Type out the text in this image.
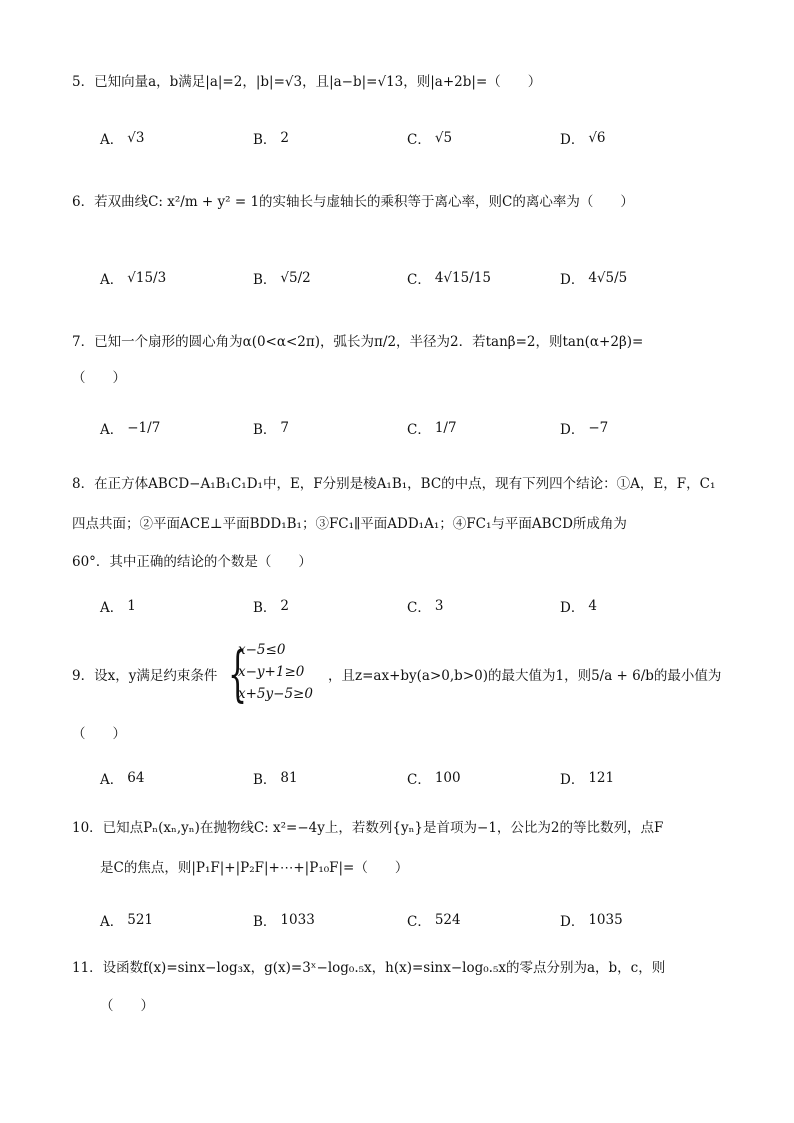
5．已知向量a，b满足|a|=2，|b|=√3，且|a−b|=√13，则|a+2b|=（　　）
A． √3	B． 2	C． √5	D． √6
6．若双曲线C: x²/m + y² = 1的实轴长与虚轴长的乘积等于离心率，则C的离心率为（　　）
A． √15/3	B． √5/2	C． 4√15/15	D． 4√5/5
7．已知一个扇形的圆心角为α(0<α<2π)，弧长为π/2，半径为2．若tanβ=2，则tan(α+2β)=
（　　）
A． −1/7	B． 7	C． 1/7	D． −7
8．在正方体ABCD−A₁B₁C₁D₁中，E，F分别是棱A₁B₁，BC的中点，现有下列四个结论：①A，E，F，C₁
四点共面；②平面ACE⊥平面BDD₁B₁；③FC₁∥平面ADD₁A₁；④FC₁与平面ABCD所成角为
60°．其中正确的结论的个数是（　　）
A． 1	B． 2	C． 3	D． 4
9．设x，y满足约束条件 {
x−5≤0
x−y+1≥0
x+5y−5≥0
，且z=ax+by(a>0,b>0)的最大值为1，则5/a + 6/b的最小值为
（　　）
A． 64	B． 81	C． 100	D． 121
10．已知点Pₙ(xₙ,yₙ)在抛物线C: x²=−4y上，若数列{yₙ}是首项为−1，公比为2的等比数列，点F
是C的焦点，则|P₁F|+|P₂F|+⋯+|P₁₀F|=（　　）
A． 521	B． 1033	C． 524	D． 1035
11．设函数f(x)=sinx−log₃x，g(x)=3ˣ−log₀.₅x，h(x)=sinx−log₀.₅x的零点分别为a，b，c，则
（　　）
